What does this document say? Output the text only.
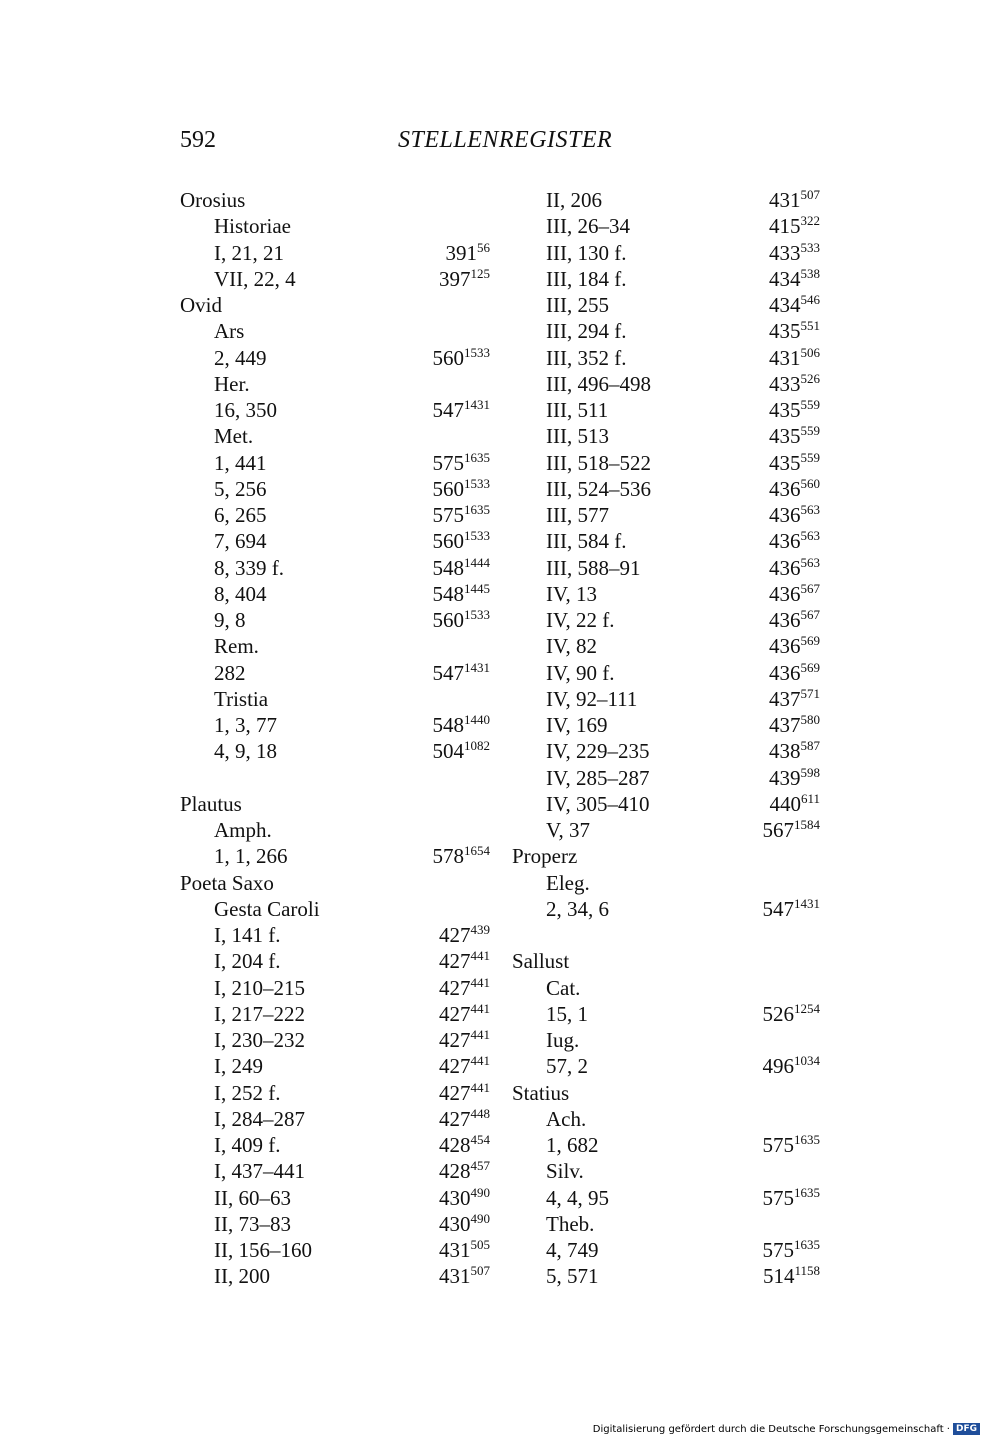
592	STELLENREGISTER
Orosius
Historiae
I, 21, 21	$391^{56}$
VII, 22, 4	$397^{125}$
Ovid
Ars
2, 449	$560^{1533}$
Her.
16, 350	$547^{1431}$
Met.
1, 441	$575^{1635}$
5, 256	$560^{1533}$
6, 265	$575^{1635}$
7, 694	$560^{1533}$
8, 339 f.	$548^{1444}$
8, 404	$548^{1445}$
9, 8	$560^{1533}$
Rem.
282	$547^{1431}$
Tristia
1, 3, 77	$548^{1440}$
4, 9, 18	$504^{1082}$
Plautus
Amph.
1, 1, 266	$578^{1654}$
Poeta Saxo
Gesta Caroli
I, 141 f.	$427^{439}$
I, 204 f.	$427^{441}$
I, 210–215	$427^{441}$
I, 217–222	$427^{441}$
I, 230–232	$427^{441}$
I, 249	$427^{441}$
I, 252 f.	$427^{441}$
I, 284–287	$427^{448}$
I, 409 f.	$428^{454}$
I, 437–441	$428^{457}$
II, 60–63	$430^{490}$
II, 73–83	$430^{490}$
II, 156–160	$431^{505}$
II, 200	$431^{507}$
II, 206	$431^{507}$
III, 26–34	$415^{322}$
III, 130 f.	$433^{533}$
III, 184 f.	$434^{538}$
III, 255	$434^{546}$
III, 294 f.	$435^{551}$
III, 352 f.	$431^{506}$
III, 496–498	$433^{526}$
III, 511	$435^{559}$
III, 513	$435^{559}$
III, 518–522	$435^{559}$
III, 524–536	$436^{560}$
III, 577	$436^{563}$
III, 584 f.	$436^{563}$
III, 588–91	$436^{563}$
IV, 13	$436^{567}$
IV, 22 f.	$436^{567}$
IV, 82	$436^{569}$
IV, 90 f.	$436^{569}$
IV, 92–111	$437^{571}$
IV, 169	$437^{580}$
IV, 229–235	$438^{587}$
IV, 285–287	$439^{598}$
IV, 305–410	$440^{611}$
V, 37	$567^{1584}$
Properz
Eleg.
2, 34, 6	$547^{1431}$
Sallust
Cat.
15, 1	$526^{1254}$
Iug.
57, 2	$496^{1034}$
Statius
Ach.
1, 682	$575^{1635}$
Silv.
4, 4, 95	$575^{1635}$
Theb.
4, 749	$575^{1635}$
5, 571	$514^{1158}$
Digitalisierung gefördert durch die Deutsche Forschungsgemeinschaft · DFG
